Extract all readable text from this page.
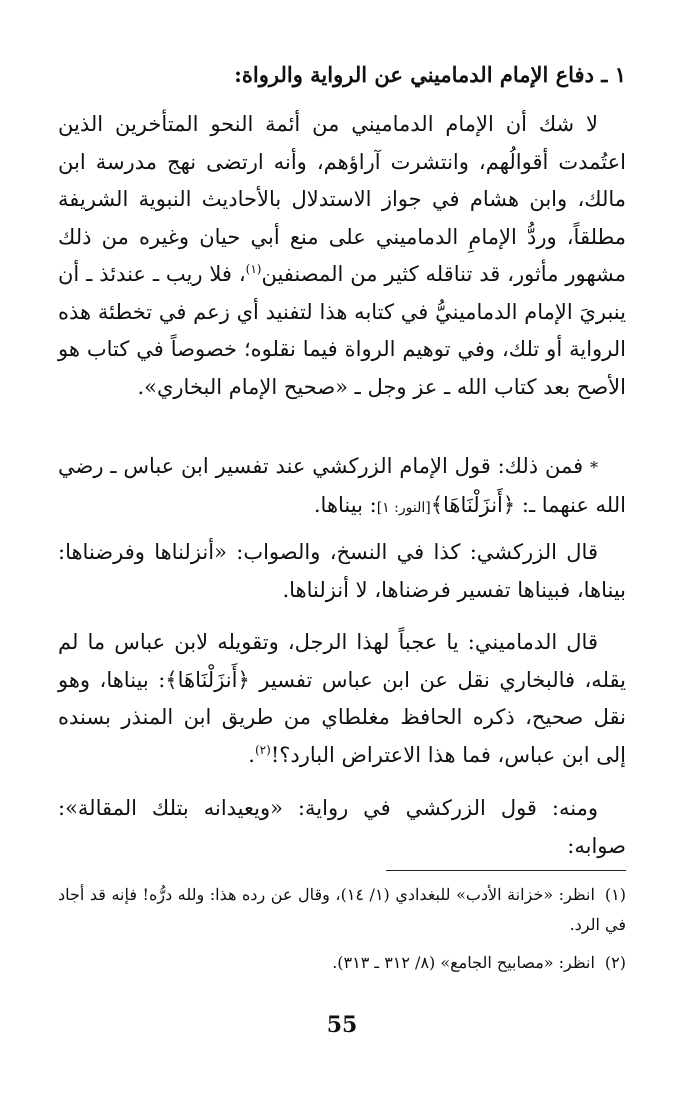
١ ـ دفاع الإمام الدماميني عن الرواية والرواة:
لا شك أن الإمام الدماميني من أئمة النحو المتأخرين الذين اعتُمدت أقوالُهم، وانتشرت آراؤهم، وأنه ارتضى نهج مدرسة ابن مالك، وابن هشام في جواز الاستدلال بالأحاديث النبوية الشريفة مطلقاً، وردُّ الإمامِ الدماميني على منع أبي حيان وغيره من ذلك مشهور مأثور، قد تناقله كثير من المصنفين$^{(١)}$، فلا ريب ـ عندئذ ـ أن ينبريَ الإمام الدمامينيُّ في كتابه هذا لتفنيد أي زعم في تخطئة هذه الرواية أو تلك، وفي توهيم الرواة فيما نقلوه؛ خصوصاً في كتاب هو الأصح بعد كتاب الله ـ عز وجل ـ «صحيح الإمام البخاري».
* فمن ذلك: قول الإمام الزركشي عند تفسير ابن عباس ـ رضي الله عنهما ـ: ﴿أَنزَلْنَاهَا﴾[النور: ١]: بيناها.
قال الزركشي: كذا في النسخ، والصواب: «أنزلناها وفرضناها: بيناها، فبيناها تفسير فرضناها، لا أنزلناها.
قال الدماميني: يا عجباً لهذا الرجل، وتقويله لابن عباس ما لم يقله، فالبخاري نقل عن ابن عباس تفسير ﴿أَنزَلْنَاهَا﴾: بيناها، وهو نقل صحيح، ذكره الحافظ مغلطاي من طريق ابن المنذر بسنده إلى ابن عباس، فما هذا الاعتراض البارد؟!$^{(٢)}$.
ومنه: قول الزركشي في رواية: «ويعيدانه بتلك المقالة»: صوابه:
(١)انظر: «خزانة الأدب» للبغدادي (١/ ١٤)، وقال عن رده هذا: ولله درُّه! فإنه قد أجاد في الرد.
(٢)انظر: «مصابيح الجامع» (٨/ ٣١٢ ـ ٣١٣).
55
